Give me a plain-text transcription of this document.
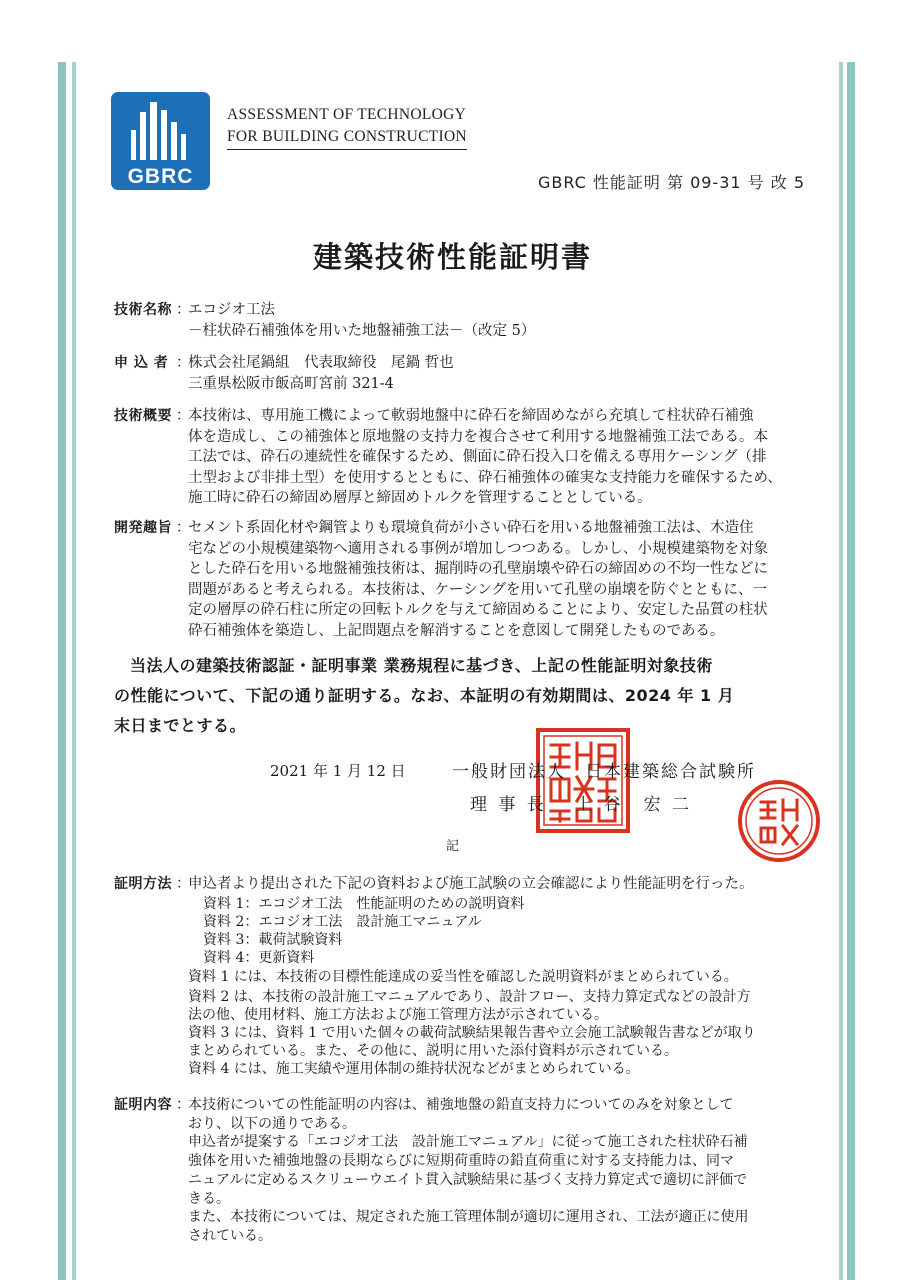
GBRC
ASSESSMENT OF TECHNOLOGY
FOR BUILDING CONSTRUCTION
GBRC 性能証明 第 09-31 号 改 5
建築技術性能証明書
技術名称 ：
エコジオ工法
－柱状砕石補強体を用いた地盤補強工法－（改定 5）
申 込 者 ：
株式会社尾鍋組　代表取締役　尾鍋 哲也
三重県松阪市飯高町宮前 321-4
技術概要 ：
本技術は、専用施工機によって軟弱地盤中に砕石を締固めながら充填して柱状砕石補強
体を造成し、この補強体と原地盤の支持力を複合させて利用する地盤補強工法である。本
工法では、砕石の連続性を確保するため、側面に砕石投入口を備える専用ケーシング（排
土型および非排土型）を使用するとともに、砕石補強体の確実な支持能力を確保するため、
施工時に砕石の締固め層厚と締固めトルクを管理することとしている。
開発趣旨 ：
セメント系固化材や鋼管よりも環境負荷が小さい砕石を用いる地盤補強工法は、木造住
宅などの小規模建築物へ適用される事例が増加しつつある。しかし、小規模建築物を対象
とした砕石を用いる地盤補強技術は、掘削時の孔壁崩壊や砕石の締固めの不均一性などに
問題があると考えられる。本技術は、ケーシングを用いて孔壁の崩壊を防ぐとともに、一
定の層厚の砕石柱に所定の回転トルクを与えて締固めることにより、安定した品質の柱状
砕石補強体を築造し、上記問題点を解消することを意図して開発したものである。
当法人の建築技術認証・証明事業 業務規程に基づき、上記の性能証明対象技術
の性能について、下記の通り証明する。なお、本証明の有効期間は、2024 年 1 月
末日までとする。
2021 年 1 月 12 日	一般財団法人　日本建築総合試験所
理 事 長 上 谷　宏 二
記
証明方法 ：
申込者より提出された下記の資料および施工試験の立会確認により性能証明を行った。
資料 1：エコジオ工法　性能証明のための説明資料
資料 2：エコジオ工法　設計施工マニュアル
資料 3：載荷試験資料
資料 4：更新資料
資料 1 には、本技術の目標性能達成の妥当性を確認した説明資料がまとめられている。
資料 2 は、本技術の設計施工マニュアルであり、設計フロー、支持力算定式などの設計方
法の他、使用材料、施工方法および施工管理方法が示されている。
資料 3 には、資料 1 で用いた個々の載荷試験結果報告書や立会施工試験報告書などが取り
まとめられている。また、その他に、説明に用いた添付資料が示されている。
資料 4 には、施工実績や運用体制の維持状況などがまとめられている。
証明内容 ：
本技術についての性能証明の内容は、補強地盤の鉛直支持力についてのみを対象として
おり、以下の通りである。
申込者が提案する「エコジオ工法　設計施工マニュアル」に従って施工された柱状砕石補
強体を用いた補強地盤の長期ならびに短期荷重時の鉛直荷重に対する支持能力は、同マ
ニュアルに定めるスクリューウエイト貫入試験結果に基づく支持力算定式で適切に評価で
きる。
また、本技術については、規定された施工管理体制が適切に運用され、工法が適正に使用
されている。
